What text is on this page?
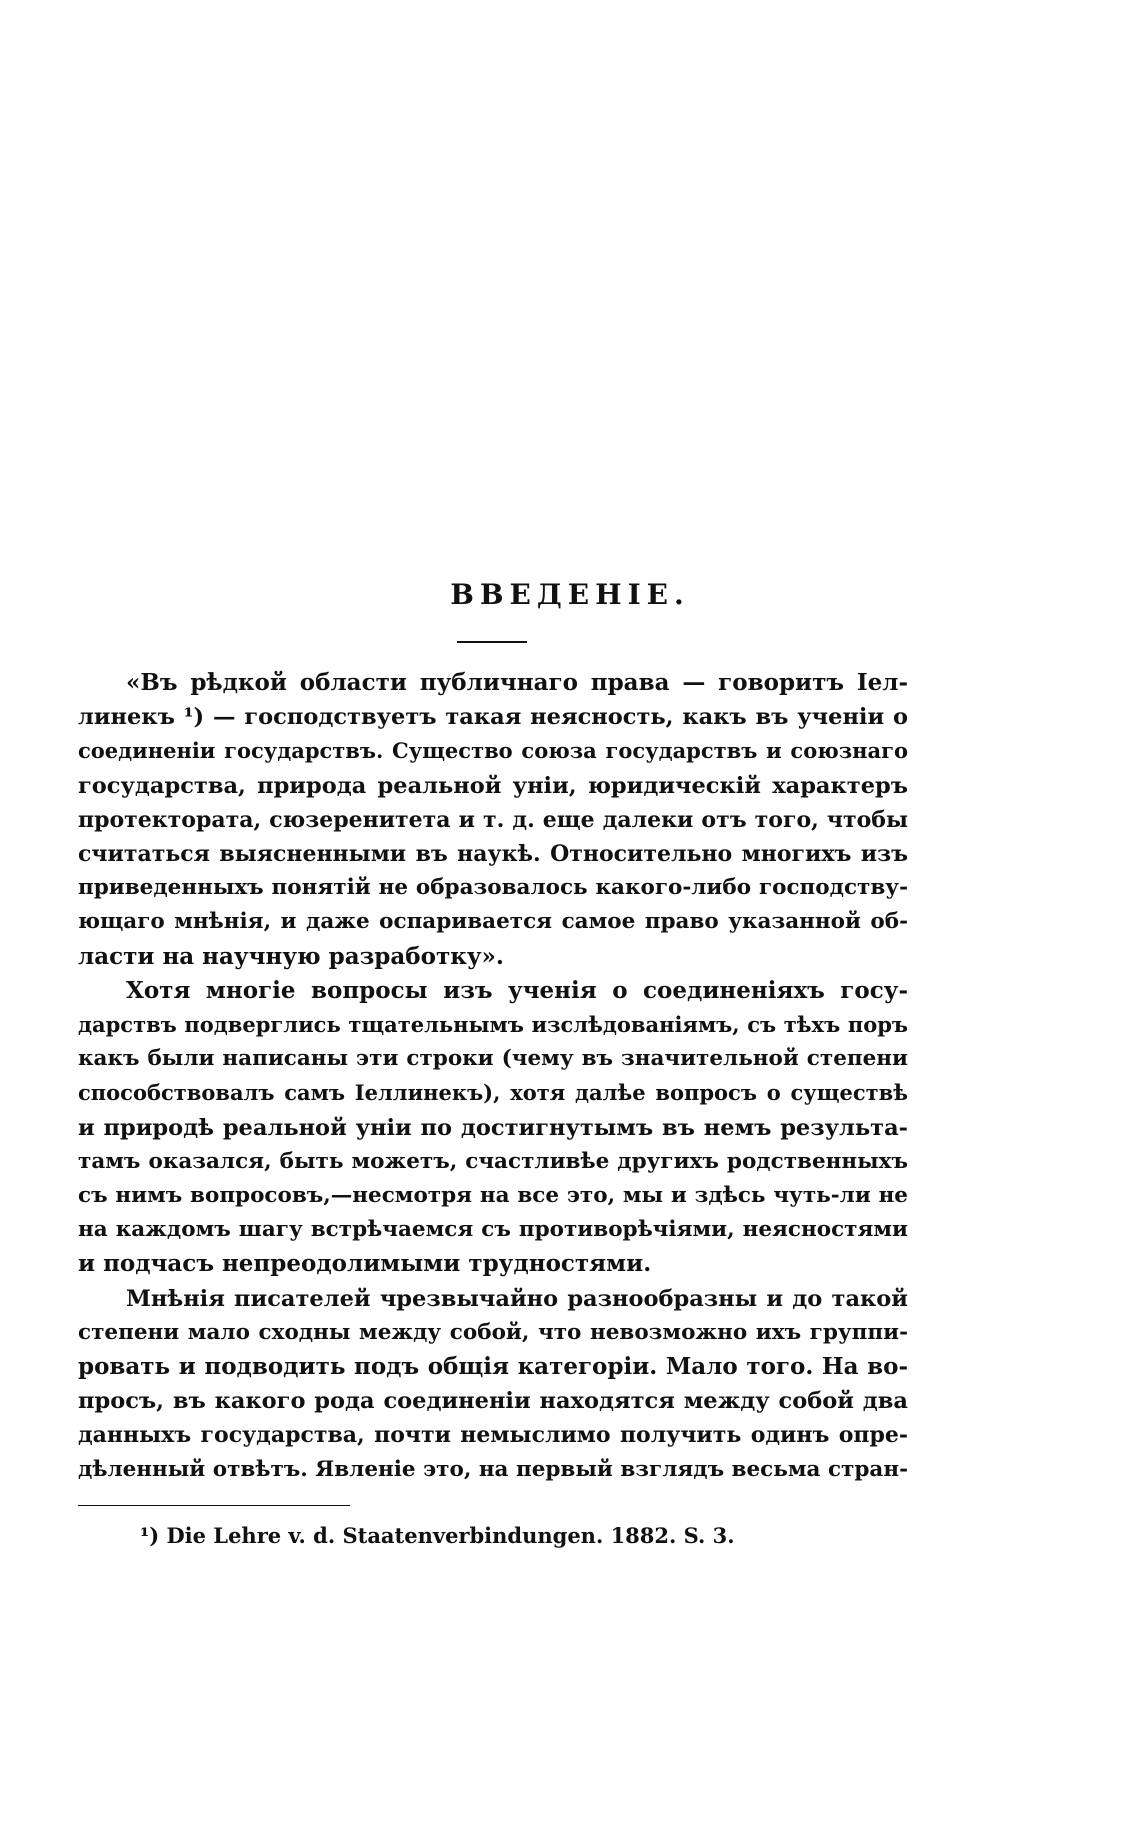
ВВЕДЕНІЕ.
«Въ рѣдкой области публичнаго права — говоритъ Іел-
линекъ ¹) — господствуетъ такая неясность, какъ въ ученіи о
соединеніи государствъ. Существо союза государствъ и союзнаго
государства, природа реальной уніи, юридическій характеръ
протектората, сюзеренитета и т. д. еще далеки отъ того, чтобы
считаться выясненными въ наукѣ. Относительно многихъ изъ
приведенныхъ понятій не образовалось какого-либо господству-
ющаго мнѣнія, и даже оспаривается самое право указанной об-
ласти на научную разработку».
Хотя многіе вопросы изъ ученія о соединеніяхъ госу-
дарствъ подверглись тщательнымъ изслѣдованіямъ, съ тѣхъ поръ
какъ были написаны эти строки (чему въ значительной степени
способствовалъ самъ Іеллинекъ), хотя далѣе вопросъ о существѣ
и природѣ реальной уніи по достигнутымъ въ немъ результа-
тамъ оказался, быть можетъ, счастливѣе другихъ родственныхъ
съ нимъ вопросовъ,—несмотря на все это, мы и здѣсь чуть-ли не
на каждомъ шагу встрѣчаемся съ противорѣчіями, неясностями
и подчасъ непреодолимыми трудностями.
Мнѣнія писателей чрезвычайно разнообразны и до такой
степени мало сходны между собой, что невозможно ихъ группи-
ровать и подводить подъ общія категоріи. Мало того. На во-
просъ, въ какого рода соединеніи находятся между собой два
данныхъ государства, почти немыслимо получить одинъ опре-
дѣленный отвѣтъ. Явленіе это, на первый взглядъ весьма стран-
¹) Die Lehre v. d. Staatenverbindungen. 1882. S. 3.
